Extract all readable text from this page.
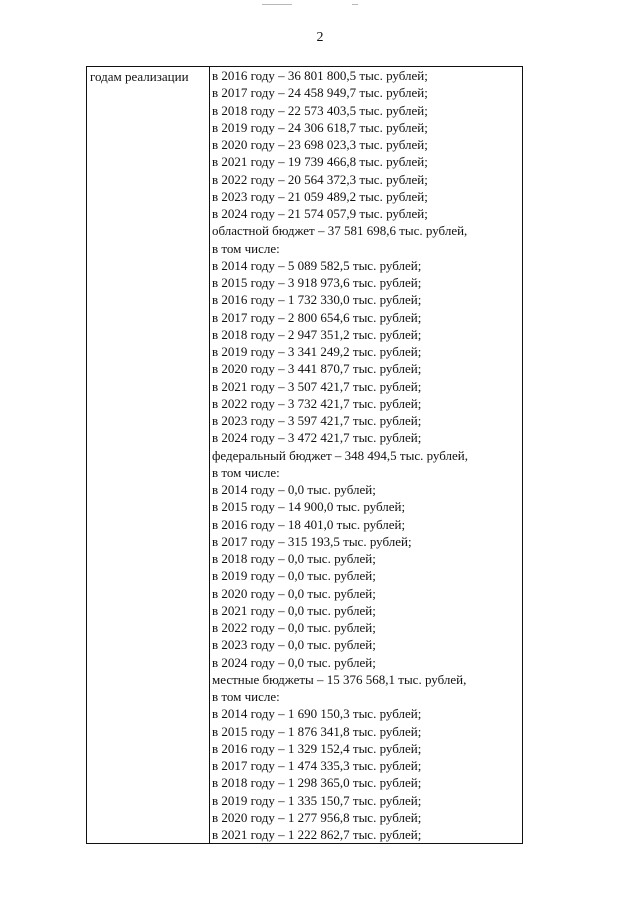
2
годам реализации	в 2016 году – 36 801 800,5 тыс. рублей;
в 2017 году – 24 458 949,7 тыс. рублей;
в 2018 году – 22 573 403,5 тыс. рублей;
в 2019 году – 24 306 618,7 тыс. рублей;
в 2020 году – 23 698 023,3 тыс. рублей;
в 2021 году – 19 739 466,8 тыс. рублей;
в 2022 году – 20 564 372,3 тыс. рублей;
в 2023 году – 21 059 489,2 тыс. рублей;
в 2024 году – 21 574 057,9 тыс. рублей;
областной бюджет – 37 581 698,6 тыс. рублей,
в том числе:
в 2014 году – 5 089 582,5 тыс. рублей;
в 2015 году – 3 918 973,6 тыс. рублей;
в 2016 году – 1 732 330,0 тыс. рублей;
в 2017 году – 2 800 654,6 тыс. рублей;
в 2018 году – 2 947 351,2 тыс. рублей;
в 2019 году – 3 341 249,2 тыс. рублей;
в 2020 году – 3 441 870,7 тыс. рублей;
в 2021 году – 3 507 421,7 тыс. рублей;
в 2022 году – 3 732 421,7 тыс. рублей;
в 2023 году – 3 597 421,7 тыс. рублей;
в 2024 году – 3 472 421,7 тыс. рублей;
федеральный бюджет – 348 494,5 тыс. рублей,
в том числе:
в 2014 году – 0,0 тыс. рублей;
в 2015 году – 14 900,0 тыс. рублей;
в 2016 году – 18 401,0 тыс. рублей;
в 2017 году – 315 193,5 тыс. рублей;
в 2018 году – 0,0 тыс. рублей;
в 2019 году – 0,0 тыс. рублей;
в 2020 году – 0,0 тыс. рублей;
в 2021 году – 0,0 тыс. рублей;
в 2022 году – 0,0 тыс. рублей;
в 2023 году – 0,0 тыс. рублей;
в 2024 году – 0,0 тыс. рублей;
местные бюджеты – 15 376 568,1 тыс. рублей,
в том числе:
в 2014 году – 1 690 150,3 тыс. рублей;
в 2015 году – 1 876 341,8 тыс. рублей;
в 2016 году – 1 329 152,4 тыс. рублей;
в 2017 году – 1 474 335,3 тыс. рублей;
в 2018 году – 1 298 365,0 тыс. рублей;
в 2019 году – 1 335 150,7 тыс. рублей;
в 2020 году – 1 277 956,8 тыс. рублей;
в 2021 году – 1 222 862,7 тыс. рублей;
